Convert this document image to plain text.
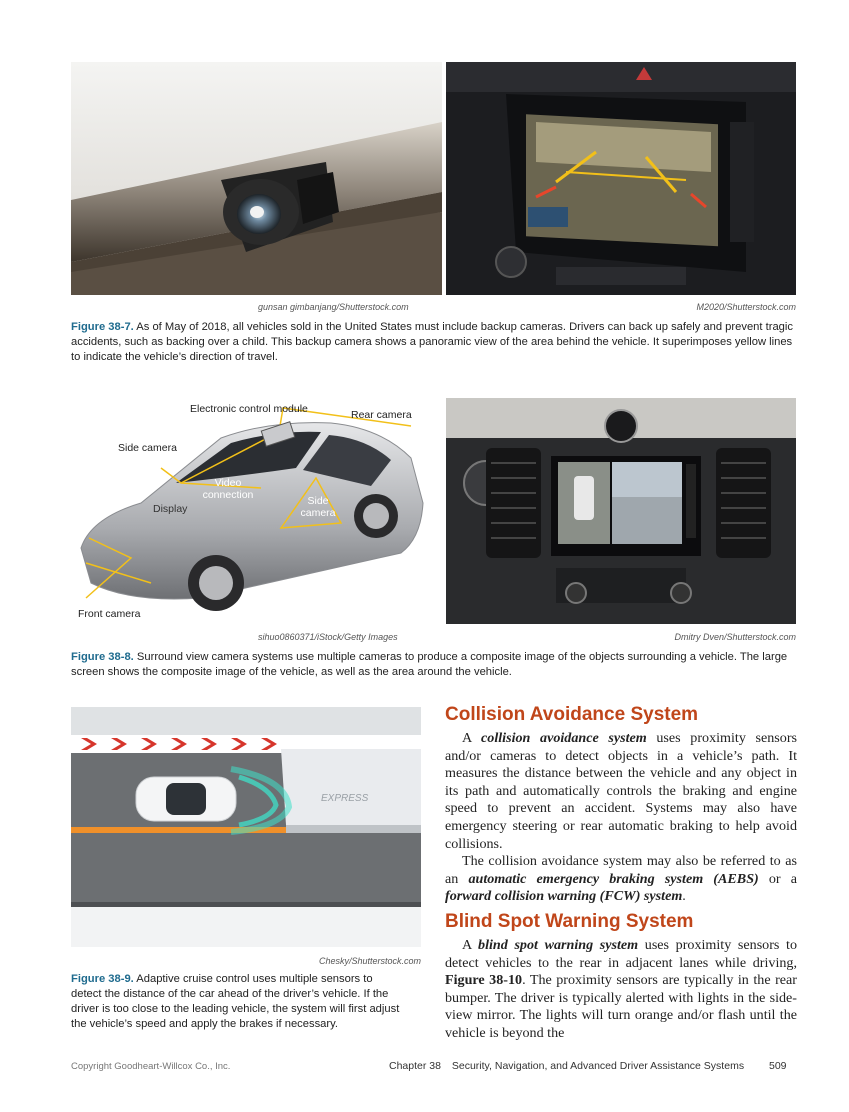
gunsan gimbanjang/Shutterstock.com	M2020/Shutterstock.com
Figure 38-7. As of May of 2018, all vehicles sold in the United States must include backup cameras. Drivers can back up safely and prevent tragic accidents, such as backing over a child. This backup camera shows a panoramic view of the area behind the vehicle. It superimposes yellow lines to indicate the vehicle’s direction of travel.
Electronic control module	Rear camera
Side camera
Video
connection
Display
Side
camera
Front camera
sihuo0860371/iStock/Getty Images	Dmitry Dven/Shutterstock.com
Figure 38-8. Surround view camera systems use multiple cameras to produce a composite image of the objects surrounding a vehicle. The large screen shows the composite image of the vehicle, as well as the area around the vehicle.
EXPRESS
Chesky/Shutterstock.com
Figure 38-9. Adaptive cruise control uses multiple sensors to detect the distance of the car ahead of the driver’s vehicle. If the driver is too close to the leading vehicle, the system will first adjust the vehicle’s speed and apply the brakes if necessary.
Collision Avoidance System

A collision avoidance system uses proximity sensors and/or cameras to detect objects in a vehicle’s path. It measures the distance between the vehicle and any object in its path and automatically controls the braking and engine speed to prevent an accident. Systems may also have emergency steering or rear automatic braking to help avoid collisions.

The collision avoidance system may also be referred to as an automatic emergency braking system (AEBS) or a forward collision warning (FCW) system.

Blind Spot Warning System

A blind spot warning system uses proximity sensors to detect vehicles to the rear in adjacent lanes while driving, Figure 38-10. The proximity sensors are typically in the rear bumper. The driver is typically alerted with lights in the side-view mirror. The lights will turn orange and/or flash until the vehicle is beyond the

Copyright Goodheart-Willcox Co., Inc.	Chapter 38 Security, Navigation, and Advanced Driver Assistance Systems 509
